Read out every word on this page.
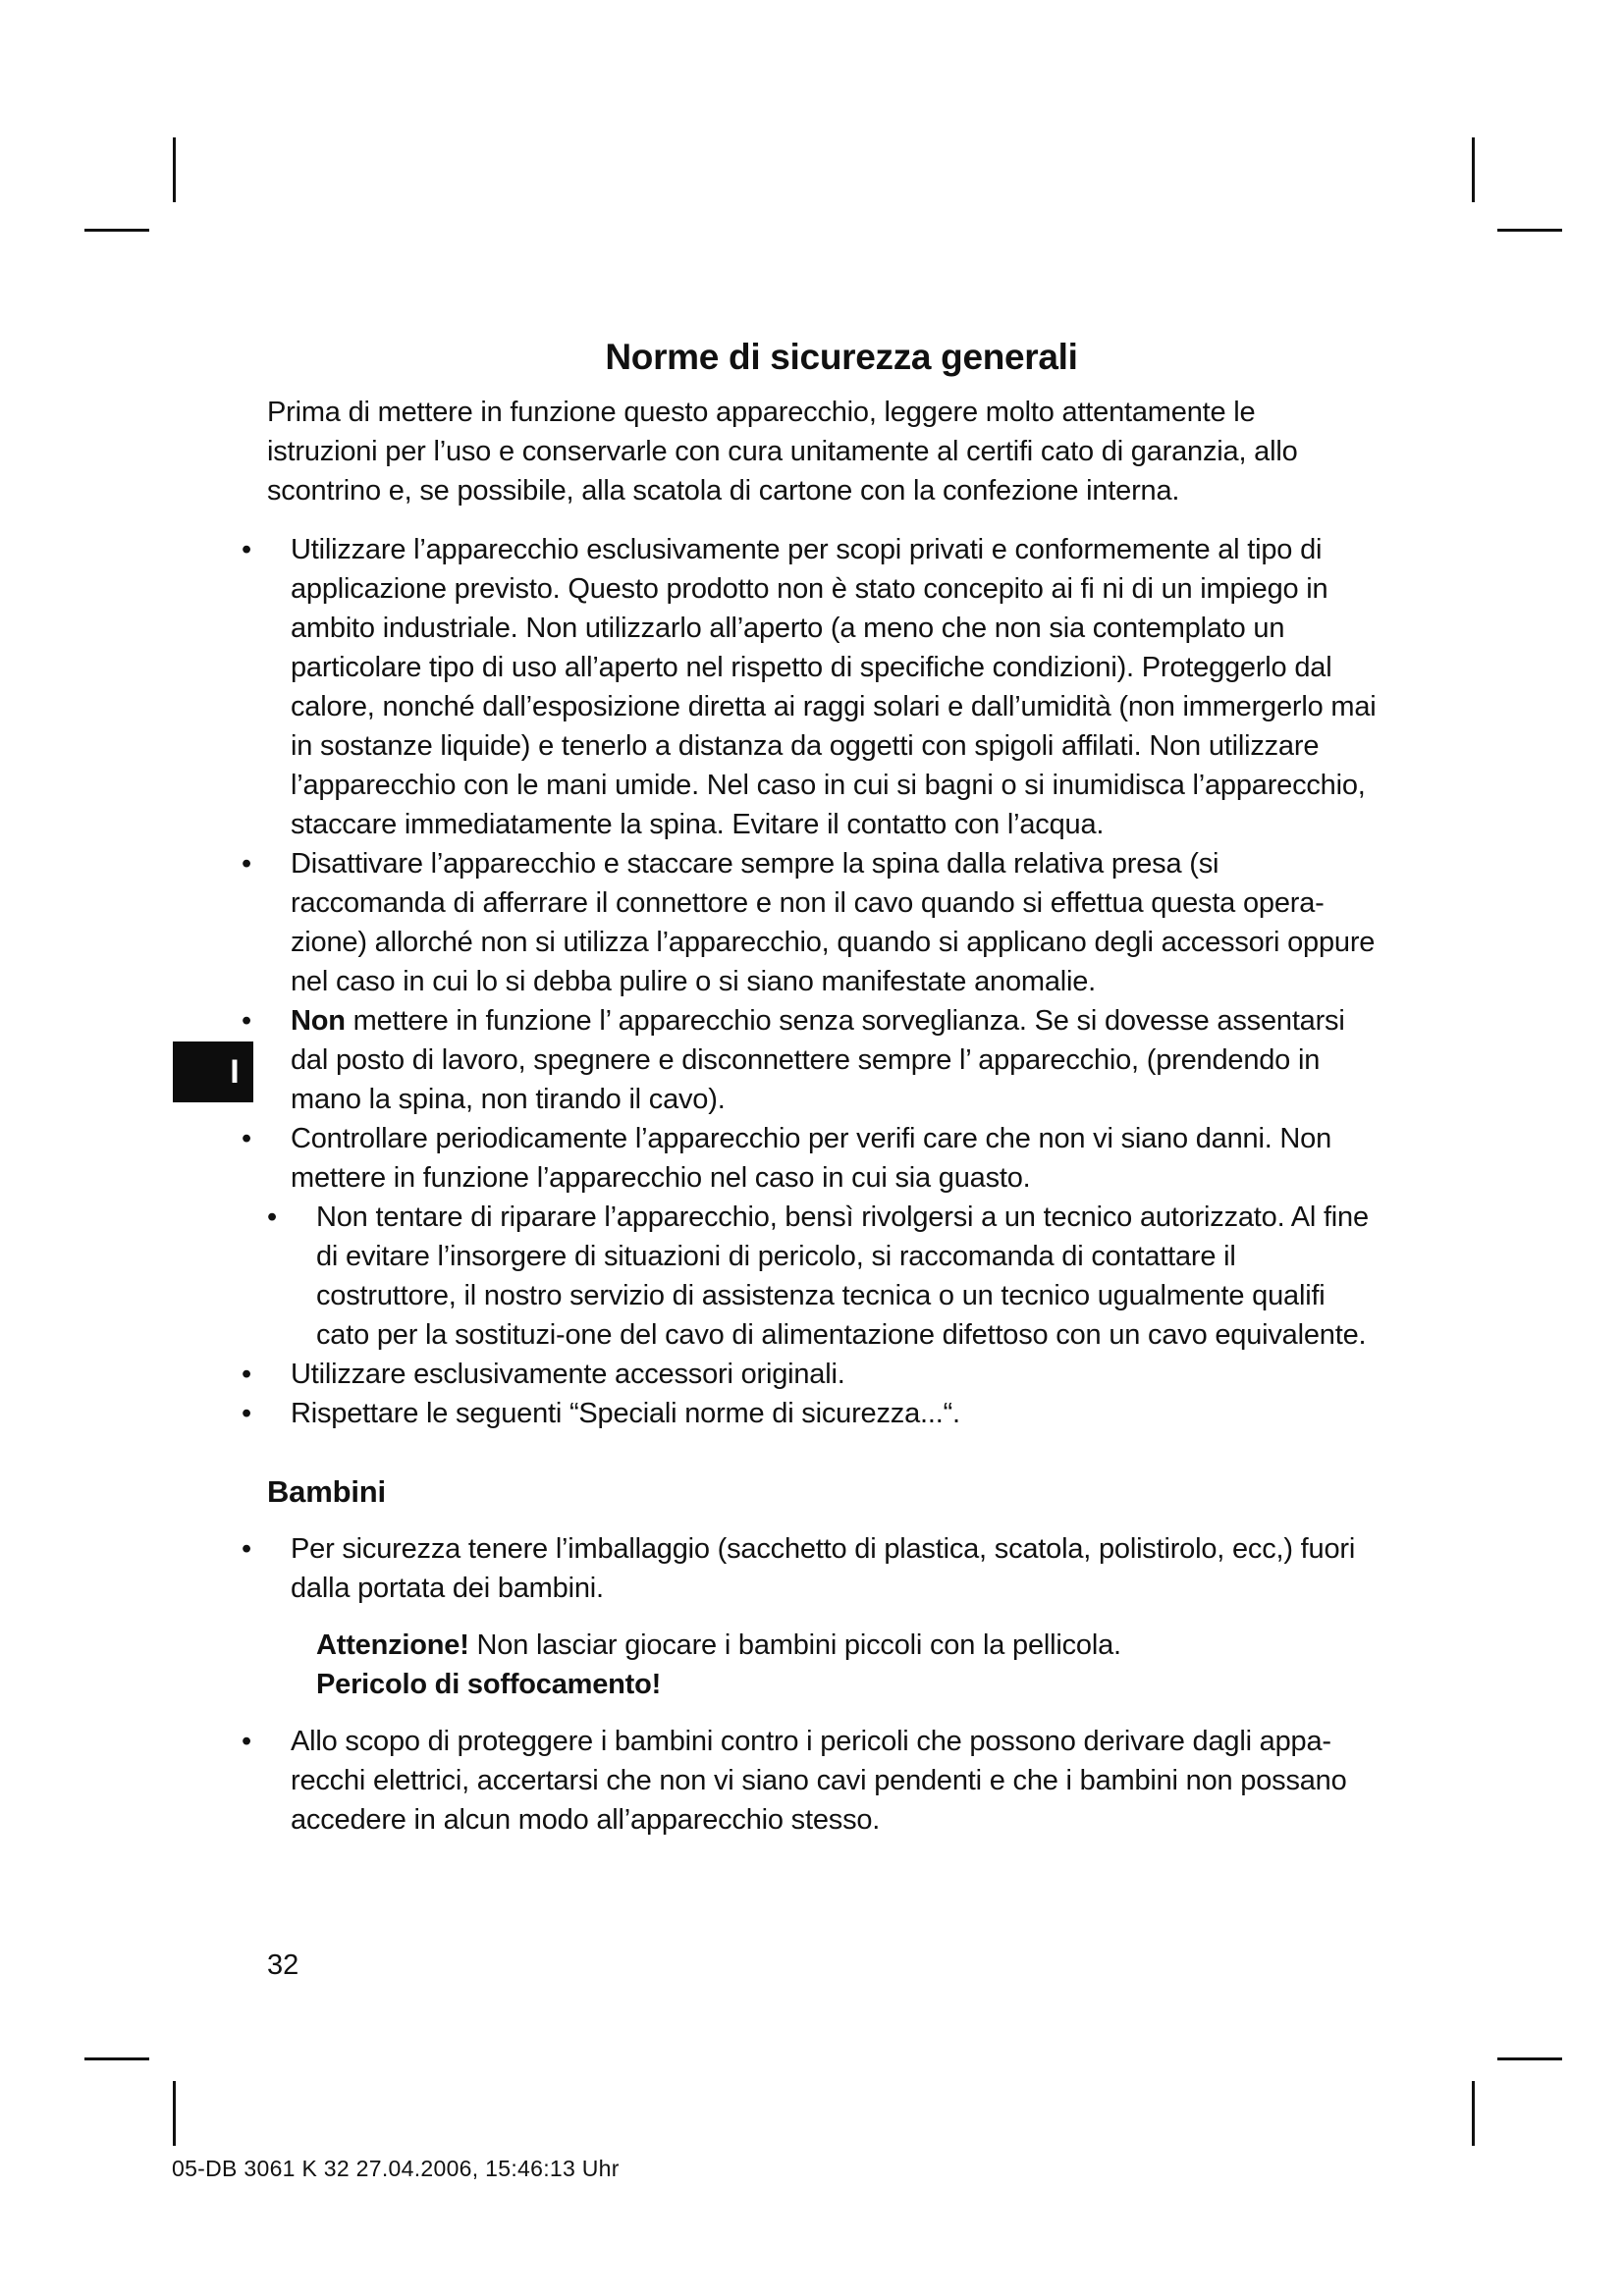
I
Norme di sicurezza generali

Prima di mettere in funzione questo apparecchio, leggere molto attentamente le istruzioni per l’uso e conservarle con cura unitamente al certifi cato di garanzia, allo scontrino e, se possibile, alla scatola di cartone con la confezione interna.

•	Utilizzare l’apparecchio esclusivamente per scopi privati e conformemente al tipo di applicazione previsto. Questo prodotto non è stato concepito ai fi ni di un impiego in ambito industriale. Non utilizzarlo all’aperto (a meno che non sia contemplato un particolare tipo di uso all’aperto nel rispetto di specifiche condizioni). Proteggerlo dal calore, nonché dall’esposizione diretta ai raggi solari e dall’umidità (non immergerlo mai in sostanze liquide) e tenerlo a distanza da oggetti con spigoli affilati. Non utilizzare l’apparecchio con le mani umide. Nel caso in cui si bagni o si inumidisca l’apparecchio, staccare immediatamente la spina. Evitare il contatto con l’acqua.
•	Disattivare l’apparecchio e staccare sempre la spina dalla relativa presa (si raccomanda di afferrare il connettore e non il cavo quando si effettua questa opera-zione) allorché non si utilizza l’apparecchio, quando si applicano degli accessori oppure nel caso in cui lo si debba pulire o si siano manifestate anomalie.
•	Non mettere in funzione l’ apparecchio senza sorveglianza. Se si dovesse assentarsi dal posto di lavoro, spegnere e disconnettere sempre l’ apparecchio, (prendendo in mano la spina, non tirando il cavo).
•	Controllare periodicamente l’apparecchio per verifi care che non vi siano danni. Non mettere in funzione l’apparecchio nel caso in cui sia guasto.
•	Non tentare di riparare l’apparecchio, bensì rivolgersi a un tecnico autorizzato. Al fine di evitare l’insorgere di situazioni di pericolo, si raccomanda di contattare il costruttore, il nostro servizio di assistenza tecnica o un tecnico ugualmente qualifi cato per la sostituzi-one del cavo di alimentazione difettoso con un cavo equivalente.
•	Utilizzare esclusivamente accessori originali.
•	Rispettare le seguenti “Speciali norme di sicurezza...“.
Bambini
•	Per sicurezza tenere l’imballaggio (sacchetto di plastica, scatola, polistirolo, ecc,) fuori dalla portata dei bambini.
Attenzione! Non lasciar giocare i bambini piccoli con la pellicola.
Pericolo di soffocamento!
•	Allo scopo di proteggere i bambini contro i pericoli che possono derivare dagli appa-recchi elettrici, accertarsi che non vi siano cavi pendenti e che i bambini non possano accedere in alcun modo all’apparecchio stesso.
32
05-DB 3061 K 32 27.04.2006, 15:46:13 Uhr
